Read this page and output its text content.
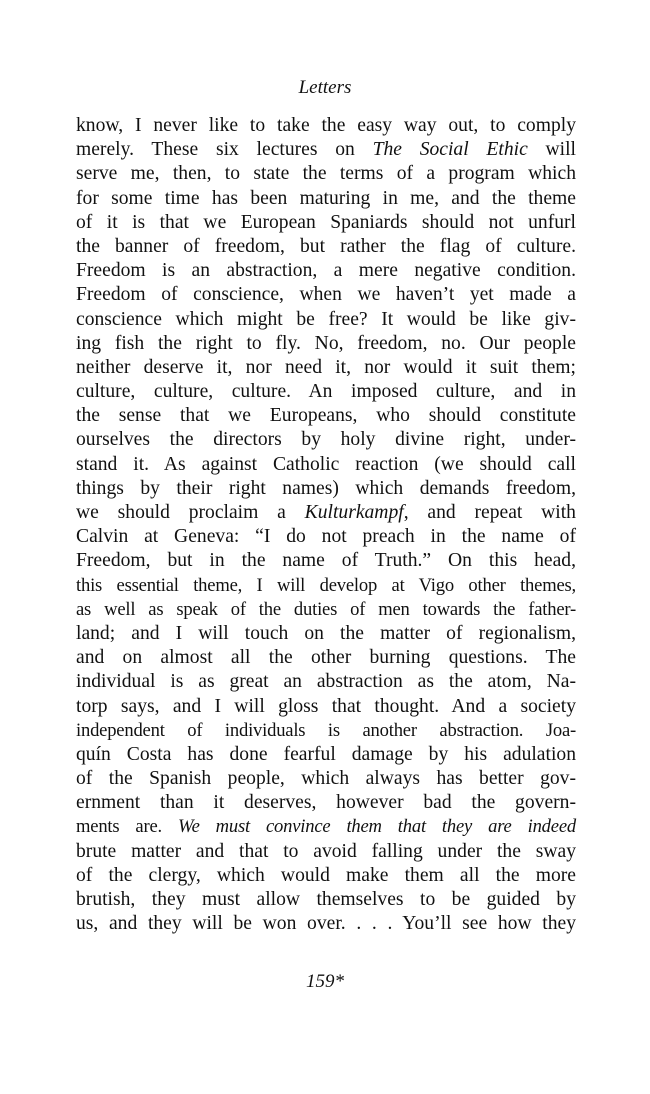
Letters
know, I never like to take the easy way out, to comply
merely. These six lectures on The Social Ethic will
serve me, then, to state the terms of a program which
for some time has been maturing in me, and the theme
of it is that we European Spaniards should not unfurl
the banner of freedom, but rather the flag of culture.
Freedom is an abstraction, a mere negative condition.
Freedom of conscience, when we haven’t yet made a
conscience which might be free? It would be like giv-
ing fish the right to fly. No, freedom, no. Our people
neither deserve it, nor need it, nor would it suit them;
culture, culture, culture. An imposed culture, and in
the sense that we Europeans, who should constitute
ourselves the directors by holy divine right, under-
stand it. As against Catholic reaction (we should call
things by their right names) which demands freedom,
we should proclaim a Kulturkampf, and repeat with
Calvin at Geneva: “I do not preach in the name of
Freedom, but in the name of Truth.” On this head,
this essential theme, I will develop at Vigo other themes,
as well as speak of the duties of men towards the father-
land; and I will touch on the matter of regionalism,
and on almost all the other burning questions. The
individual is as great an abstraction as the atom, Na-
torp says, and I will gloss that thought. And a society
independent of individuals is another abstraction. Joa-
quín Costa has done fearful damage by his adulation
of the Spanish people, which always has better gov-
ernment than it deserves, however bad the govern-
ments are. We must convince them that they are indeed
brute matter and that to avoid falling under the sway
of the clergy, which would make them all the more
brutish, they must allow themselves to be guided by
us, and they will be won over. . . . You’ll see how they
159*
